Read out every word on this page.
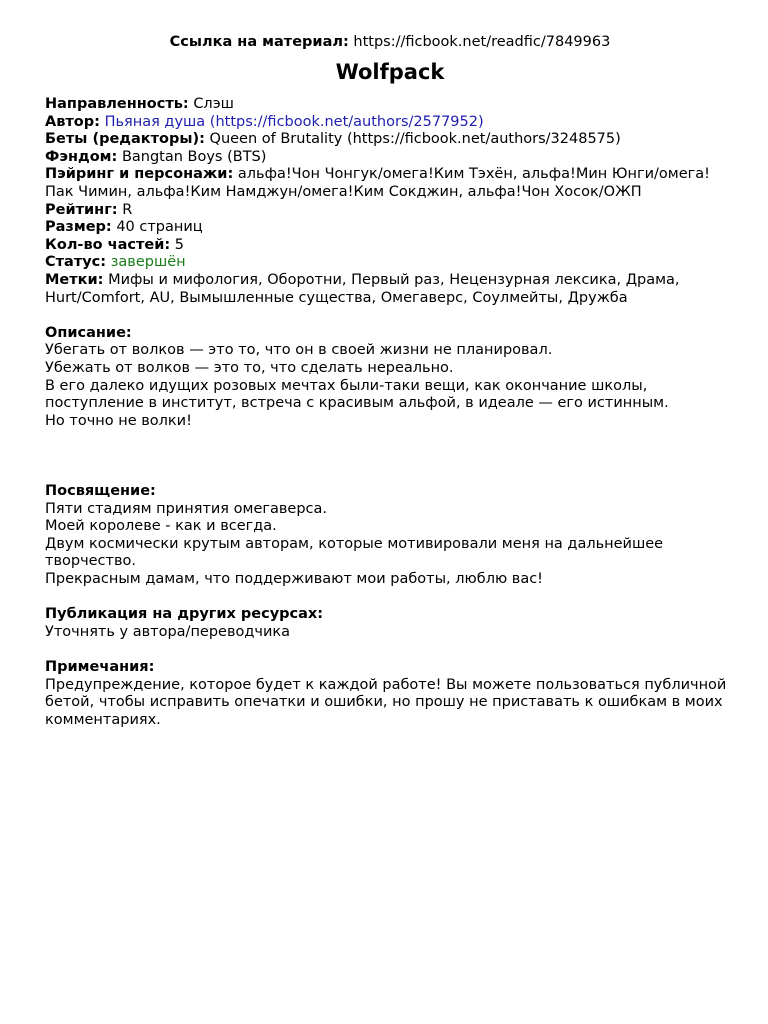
Ссылка на материал: https://ficbook.net/readfic/7849963

Wolfpack

Направленность: Слэш

Автор: Пьяная душа (https://ficbook.net/authors/2577952)

Беты (редакторы): Queen of Brutality (https://ficbook.net/authors/3248575)

Фэндом: Bangtan Boys (BTS)

Пэйринг и персонажи: альфа!Чон Чонгук/омега!Ким Тэхён, альфа!Мин Юнги/омега!Пак Чимин, альфа!Ким Намджун/омега!Ким Сокджин, альфа!Чон Хосок/ОЖП

Рейтинг: R

Размер: 40 страниц

Кол-во частей: 5

Статус: завершён

Метки: Мифы и мифология, Оборотни, Первый раз, Нецензурная лексика, Драма, Hurt/Comfort, AU, Вымышленные существа, Омегаверс, Соулмейты, Дружба

Описание:

Убегать от волков — это то, что он в своей жизни не планировал.

Убежать от волков — это то, что сделать нереально.

В его далеко идущих розовых мечтах были-таки вещи, как окончание школы, поступление в институт, встреча с красивым альфой, в идеале — его истинным.

Но точно не волки!

Посвящение:

Пяти стадиям принятия омегаверса.

Моей королеве - как и всегда.

Двум космически крутым авторам, которые мотивировали меня на дальнейшее творчество.

Прекрасным дамам, что поддерживают мои работы, люблю вас!

Публикация на других ресурсах:

Уточнять у автора/переводчика

Примечания:

Предупреждение, которое будет к каждой работе! Вы можете пользоваться публичной бетой, чтобы исправить опечатки и ошибки, но прошу не приставать к ошибкам в моих комментариях.
